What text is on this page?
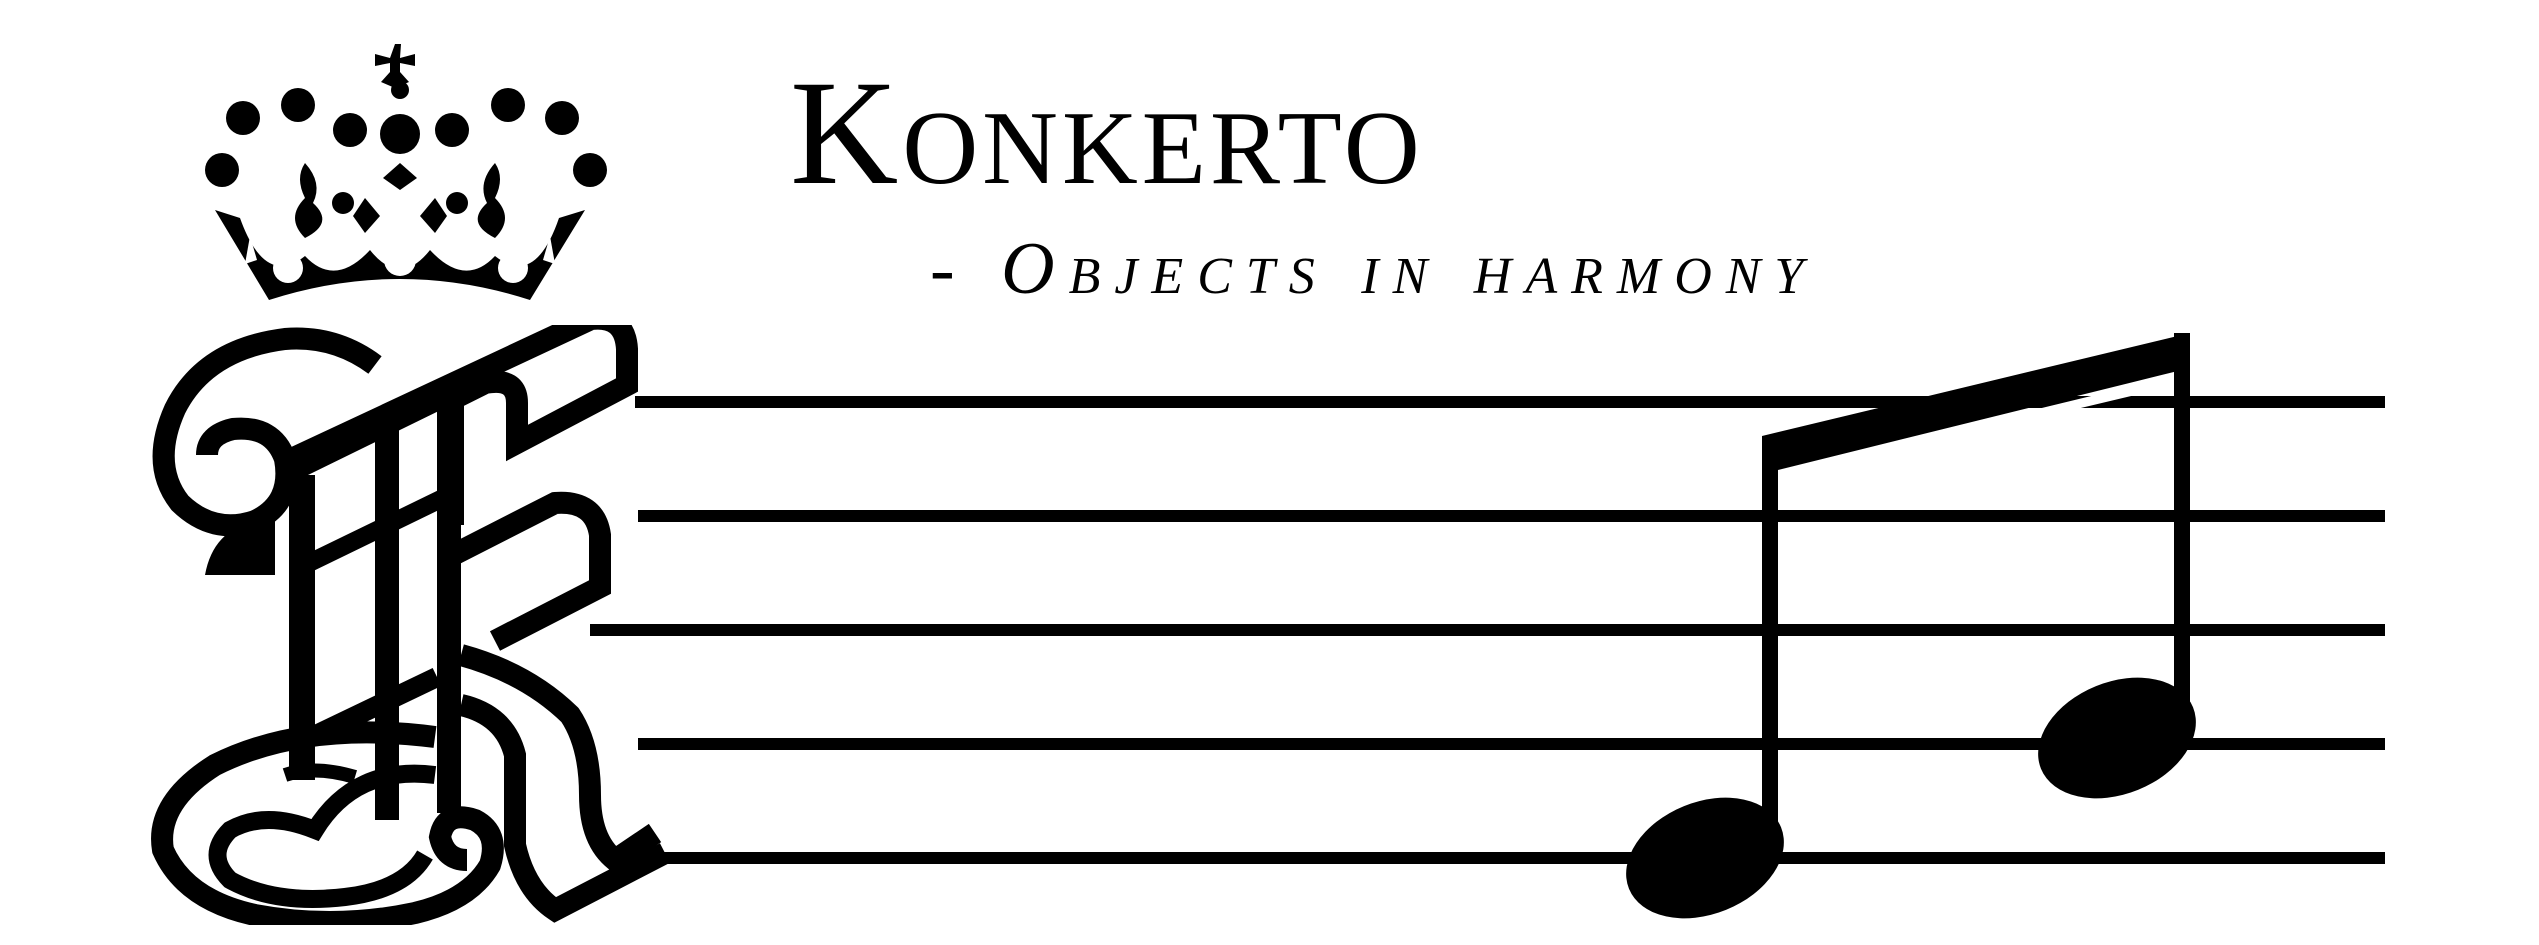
Konkerto
- Objects in harmony
